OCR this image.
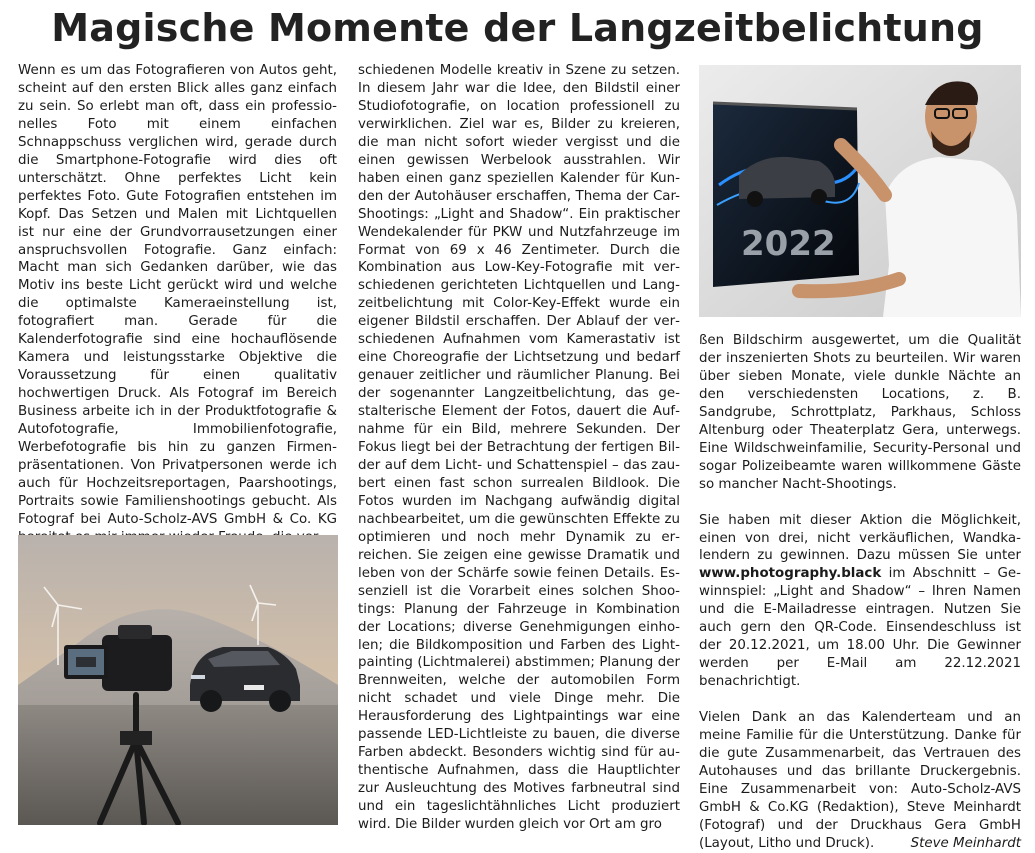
Magische Momente der Langzeitbelichtung

Wenn es um das Fotografieren von Autos geht, scheint auf den ersten Blick alles ganz einfach zu sein. So erlebt man oft, dass ein professionelles Foto mit einem einfachen Schnappschuss verglichen wird, gerade durch die Smartphone-Fotografie wird dies oft unterschätzt. Ohne perfektes Licht kein perfektes Foto. Gute Fotografien entstehen im Kopf. Das Setzen und Malen mit Lichtquellen ist nur eine der Grundvorrausetzungen einer anspruchsvollen Fotografie. Ganz einfach: Macht man sich Gedanken darüber, wie das Motiv ins beste Licht gerückt wird und welche die optimalste Kameraeinstellung ist, fotografiert man. Gerade für die Kalenderfotografie sind eine hochauflösende Kamera und leistungsstarke Objektive die Voraussetzung für einen qualitativ hochwertigen Druck. Als Fotograf im Bereich Business arbeite ich in der Produktfotografie & Autofotografie, Immobilienfotografie, Werbefotografie bis hin zu ganzen Firmenpräsentationen. Von Privatpersonen werde ich auch für Hochzeitsreportagen, Paarshootings, Portraits sowie Familienshootings gebucht. Als Fotograf bei Auto-Scholz-AVS GmbH & Co. KG

schiedenen Modelle kreativ in Szene zu setzen. In diesem Jahr war die Idee, den Bildstil einer Studiofotografie, on location professionell zu verwirklichen. Ziel war es, Bilder zu kreieren, die man nicht sofort wieder vergisst und die einen gewissen Werbelook ausstrahlen. Wir haben einen ganz speziellen Kalender für Kunden der Autohäuser erschaffen, Thema der Car-Shootings: „Light and Shadow“. Ein praktischer Wendekalender für PKW und Nutzfahrzeuge im Format von 69 x 46 Zentimeter. Durch die Kombination aus Low-Key-Fotografie mit verschiedenen gerichteten Lichtquellen und Langzeitbelichtung mit Color-Key-Effekt wurde ein eigener Bildstil erschaffen. Der Ablauf der verschiedenen Aufnahmen vom Kamerastativ ist eine Choreografie der Lichtsetzung und bedarf genauer zeitlicher und räumlicher Planung. Bei der sogenannter Langzeitbelichtung, das gestalterische Element der Fotos, dauert die Aufnahme für ein Bild, mehrere Sekunden. Der Fokus liegt bei der Betrachtung der fertigen Bilder auf dem Licht- und Schattenspiel – das zaubert einen fast schon surrealen Bildlook. Die Fotos wurden im Nachgang aufwändig digital nachbearbeitet, um die gewünschten Effekte zu optimieren und noch mehr Dynamik zu erreichen. Sie zeigen eine gewisse Dramatik und leben von der Schärfe sowie feinen Details. Essenziell ist die Vorarbeit eines solchen Shootings: Planung der Fahrzeuge in Kombination der Locations; diverse Genehmigungen einholen; die Bildkomposition und Farben des Lightpainting (Lichtmalerei) abstimmen; Planung der Brennweiten, welche der automobilen Form nicht schadet und viele Dinge mehr. Die Herausforderung des Lightpaintings war eine passende LED-Lichtleiste zu bauen, die diverse Farben abdeckt. Besonders wichtig sind für authentische Aufnahmen, dass die Hauptlichter zur Ausleuchtung des Motives farbneutral sind und ein tageslichtähnliches Licht produziert wird. Die Bilder wurden gleich vor Ort am gro

ßen Bildschirm ausgewertet, um die Qualität der inszenierten Shots zu beurteilen. Wir waren über sieben Monate, viele dunkle Nächte an den verschiedensten Locations, z. B. Sandgrube, Schrottplatz, Parkhaus, Schloss Altenburg oder Theaterplatz Gera, unterwegs. Eine Wildschweinfamilie, Security-Personal und sogar Polizeibeamte waren willkommene Gäste so mancher Nacht-Shootings.

Sie haben mit dieser Aktion die Möglichkeit, einen von drei, nicht verkäuflichen, Wandkalendern zu gewinnen. Dazu müssen Sie unter www.photography.black im Abschnitt – Gewinnspiel: „Light and Shadow“ – Ihren Namen und die E-Mailadresse eintragen. Nutzen Sie auch gern den QR-Code. Einsendeschluss ist der 20.12.2021, um 18.00 Uhr. Die Gewinner werden per E-Mail am 22.12.2021 benachrichtigt.

Vielen Dank an das Kalenderteam und an meine Familie für die Unterstützung. Danke für die gute Zusammenarbeit, das Vertrauen des Autohauses und das brillante Druckergebnis. Eine Zusammenarbeit von: Auto-Scholz-AVS GmbH & Co.KG (Redaktion), Steve Meinhardt (Fotograf) und der Druckhaus Gera GmbH (Layout, Litho und Druck).	Steve Meinhardt

2022
